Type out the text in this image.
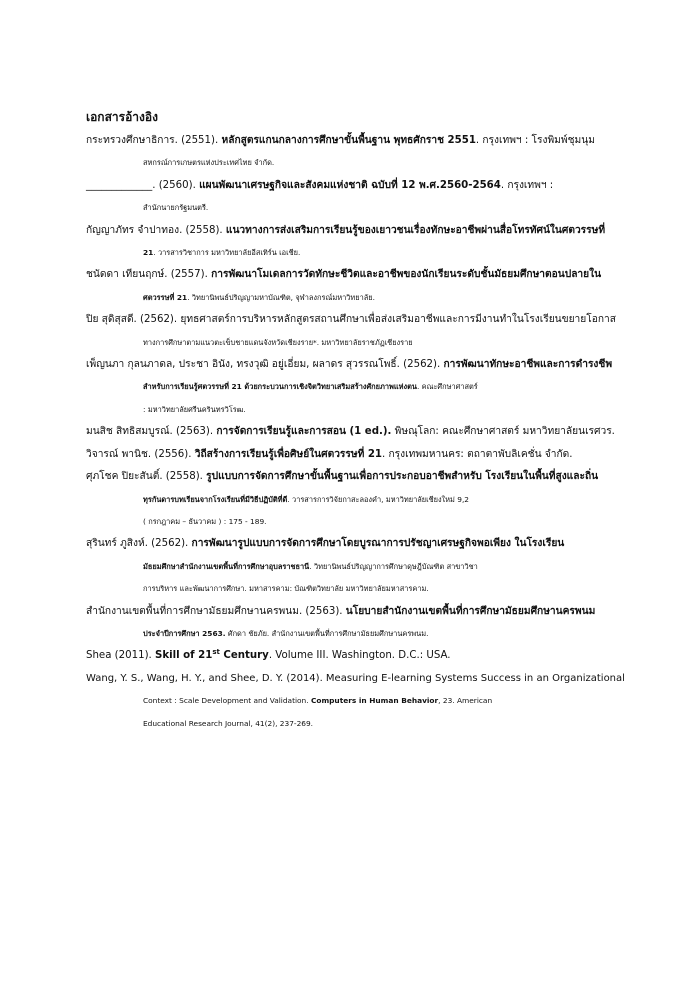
เอกสารอ้างอิง
กระทรวงศึกษาธิการ. (2551). หลักสูตรแกนกลางการศึกษาขั้นพื้นฐาน พุทธศักราช 2551. กรุงเทพฯ : โรงพิมพ์ชุมนุม
สหกรณ์การเกษตรแห่งประเทศไทย จำกัด.
_____________. (2560). แผนพัฒนาเศรษฐกิจและสังคมแห่งชาติ ฉบับที่ 12 พ.ศ.2560-2564. กรุงเทพฯ :
สำนักนายกรัฐมนตรี.
กัญญาภัทร จำปาทอง. (2558). แนวทางการส่งเสริมการเรียนรู้ของเยาวชนเรื่องทักษะอาชีพผ่านสื่อโทรทัศน์ในศตวรรษที่
21. วารสารวิชาการ มหาวิทยาลัยอีสเทิร์น เอเชีย.
ชนัดดา เทียนฤกษ์. (2557). การพัฒนาโมเดลการวัดทักษะชีวิตและอาชีพของนักเรียนระดับชั้นมัธยมศึกษาตอนปลายใน
ศตวรรษที่ 21. วิทยานิพนธ์ปริญญามหาบัณฑิต, จุฬาลงกรณ์มหาวิทยาลัย.
ปิย สุดิสุสดี. (2562). ยุทธศาสตร์การบริหารหลักสูตรสถานศึกษาเพื่อส่งเสริมอาชีพและการมีงานทำในโรงเรียนขยายโอกาส
ทางการศึกษาตามแนวตะเข็บชายแดนจังหวัดเชียงราย*. มหาวิทยาลัยราชภัฏเชียงราย
เพ็ญนภา กุลนภาดล, ประชา อินัง, ทรงวุฒิ อยู่เอี่ยม, ผลาดร สุวรรณโพธิ์. (2562). การพัฒนาทักษะอาชีพและการดำรงชีพ
สำหรับการเรียนรู้ศตวรรษที่ 21 ด้วยกระบวนการเชิงจิตวิทยาเสริมสร้างศักยภาพแห่งตน. คณะศึกษาศาสตร์
: มหาวิทยาลัยศรีนครินทรวิโรฒ.
มนสิช สิทธิสมบูรณ์. (2563). การจัดการเรียนรู้และการสอน (1 ed.). พิษณุโลก: คณะศึกษาศาสตร์ มหาวิทยาลัยนเรศวร.
วิจารณ์ พานิช. (2556). วิถีสร้างการเรียนรู้เพื่อศิษย์ในศตวรรษที่ 21. กรุงเทพมหานคร: ตถาตาพับลิเคชั่น จำกัด.
ศุภโชค ปิยะสันติ์. (2558). รูปแบบการจัดการศึกษาขั้นพื้นฐานเพื่อการประกอบอาชีพสำหรับ โรงเรียนในพื้นที่สูงและถิ่น
ทุรกันดารบทเรียนจากโรงเรียนที่มีวิธีปฏิบัติที่ดี. วารสารการวิจัยกาสะลองคำ, มหาวิทยาลัยเชียงใหม่ 9,2
( กรกฎาคม – ธันวาคม ) : 175 - 189.
สุรินทร์ ภูสิงห์. (2562). การพัฒนารูปแบบการจัดการศึกษาโดยบูรณาการปรัชญาเศรษฐกิจพอเพียง ในโรงเรียน
มัธยมศึกษาสำนักงานเขตพื้นที่การศึกษาอุบลราชธานี. วิทยานิพนธ์ปริญญาการศึกษาดุษฎีบัณฑิต สาขาวิชา
การบริหาร และพัฒนาการศึกษา. มหาสารคาม: บัณฑิตวิทยาลัย มหาวิทยาลัยมหาสารคาม.
สำนักงานเขตพื้นที่การศึกษามัธยมศึกษานครพนม. (2563). นโยบายสำนักงานเขตพื้นที่การศึกษามัธยมศึกษานครพนม
ประจำปีการศึกษา 2563. ศักดา ชัยภัย. สำนักงานเขตพื้นที่การศึกษามัธยมศึกษานครพนม.
Shea (2011). Skill of 21st Century. Volume III. Washington. D.C.: USA.
Wang, Y. S., Wang, H. Y., and Shee, D. Y. (2014). Measuring E-learning Systems Success in an Organizational
Context : Scale Development and Validation. Computers in Human Behavior, 23. American
Educational Research Journal, 41(2), 237-269.
